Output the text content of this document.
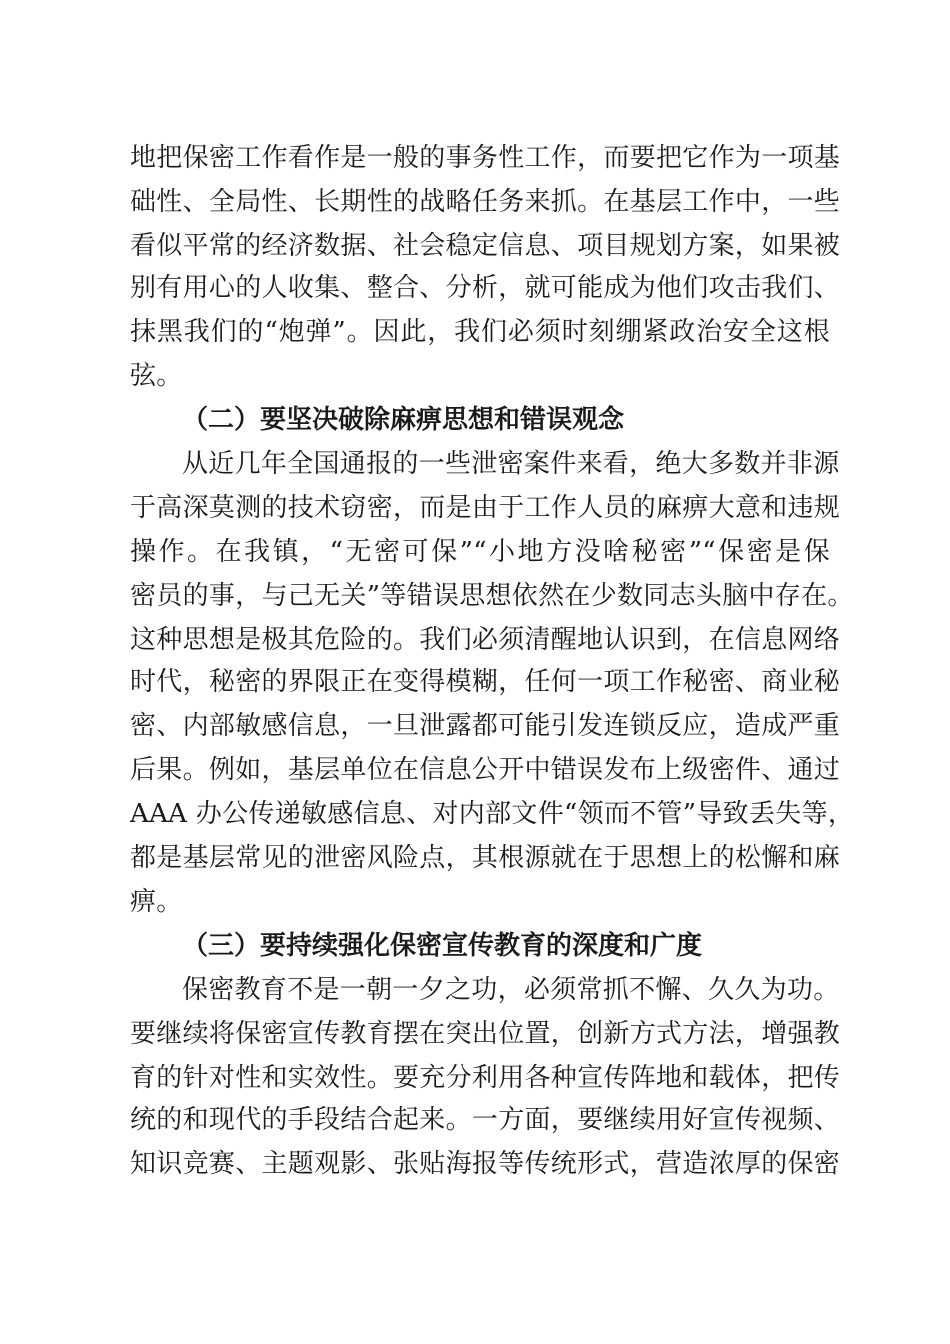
地把保密工作看作是一般的事务性工作，而要把它作为一项基
础性、全局性、长期性的战略任务来抓。在基层工作中，一些
看似平常的经济数据、社会稳定信息、项目规划方案，如果被
别有用心的人收集、整合、分析，就可能成为他们攻击我们、
抹黑我们的“炮弹”。因此，我们必须时刻绷紧政治安全这根
弦。
（二）要坚决破除麻痹思想和错误观念
从近几年全国通报的一些泄密案件来看，绝大多数并非源
于高深莫测的技术窃密，而是由于工作人员的麻痹大意和违规
操作。在我镇，“无密可保”“小地方没啥秘密”“保密是保
密员的事，与己无关”等错误思想依然在少数同志头脑中存在。
这种思想是极其危险的。我们必须清醒地认识到，在信息网络
时代，秘密的界限正在变得模糊，任何一项工作秘密、商业秘
密、内部敏感信息，一旦泄露都可能引发连锁反应，造成严重
后果。例如，基层单位在信息公开中错误发布上级密件、通过
AAA 办公传递敏感信息、对内部文件“领而不管”导致丢失等，
都是基层常见的泄密风险点，其根源就在于思想上的松懈和麻
痹。
（三）要持续强化保密宣传教育的深度和广度
保密教育不是一朝一夕之功，必须常抓不懈、久久为功。
要继续将保密宣传教育摆在突出位置，创新方式方法，增强教
育的针对性和实效性。要充分利用各种宣传阵地和载体，把传
统的和现代的手段结合起来。一方面，要继续用好宣传视频、
知识竞赛、主题观影、张贴海报等传统形式，营造浓厚的保密
